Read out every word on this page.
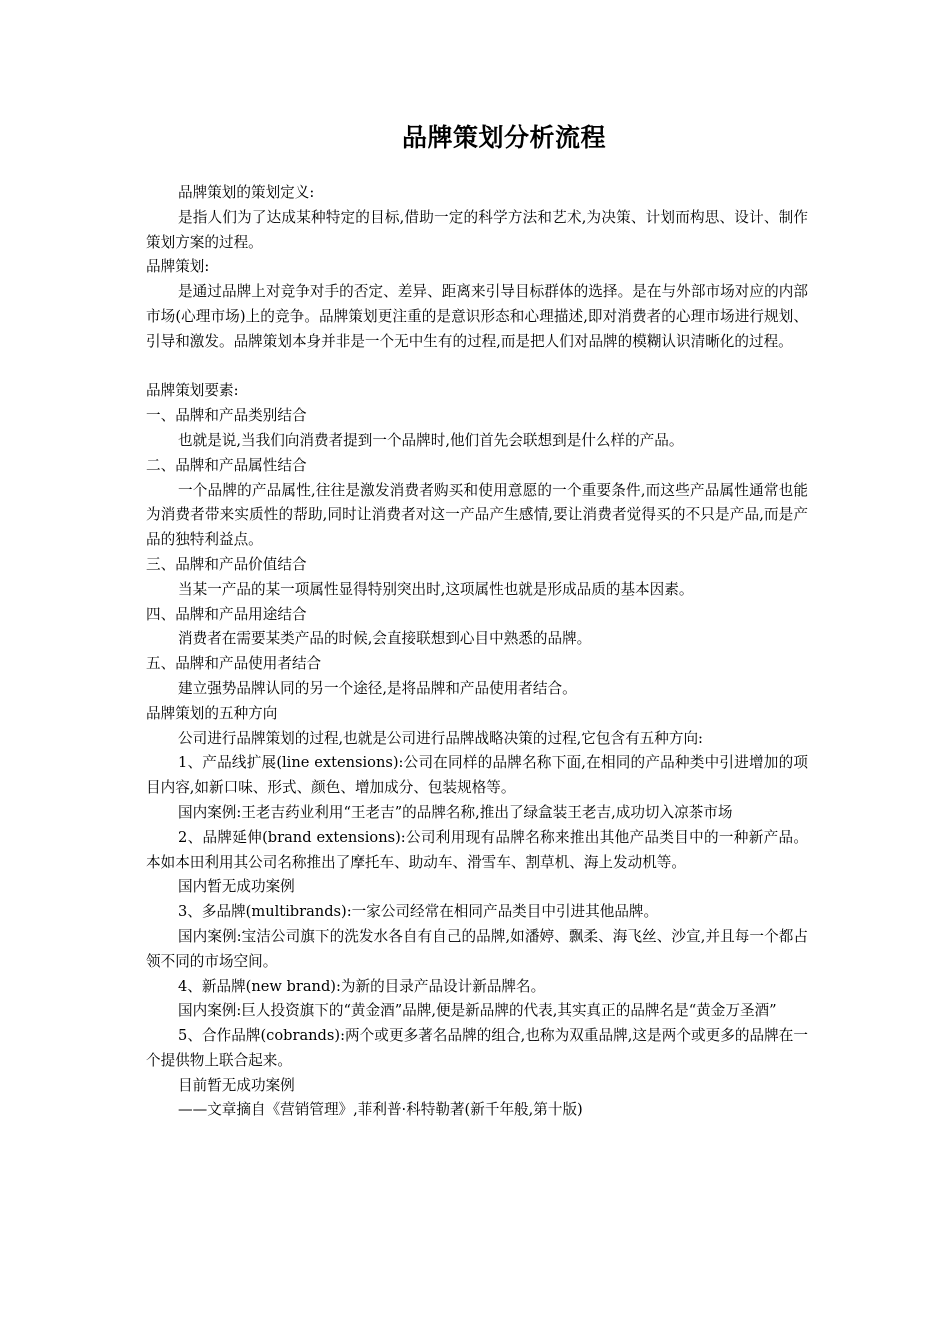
品牌策划分析流程

品牌策划的策划定义:

是指人们为了达成某种特定的目标,借助一定的科学方法和艺术,为决策、计划而构思、设计、制作策划方案的过程。

品牌策划:

是通过品牌上对竞争对手的否定、差异、距离来引导目标群体的选择。是在与外部市场对应的内部市场(心理市场)上的竞争。品牌策划更注重的是意识形态和心理描述,即对消费者的心理市场进行规划、引导和激发。品牌策划本身并非是一个无中生有的过程,而是把人们对品牌的模糊认识清晰化的过程。

品牌策划要素:

一、品牌和产品类别结合

也就是说,当我们向消费者提到一个品牌时,他们首先会联想到是什么样的产品。

二、品牌和产品属性结合

一个品牌的产品属性,往往是激发消费者购买和使用意愿的一个重要条件,而这些产品属性通常也能为消费者带来实质性的帮助,同时让消费者对这一产品产生感情,要让消费者觉得买的不只是产品,而是产品的独特利益点。

三、品牌和产品价值结合

当某一产品的某一项属性显得特别突出时,这项属性也就是形成品质的基本因素。

四、品牌和产品用途结合

消费者在需要某类产品的时候,会直接联想到心目中熟悉的品牌。

五、品牌和产品使用者结合

建立强势品牌认同的另一个途径,是将品牌和产品使用者结合。

品牌策划的五种方向

公司进行品牌策划的过程,也就是公司进行品牌战略决策的过程,它包含有五种方向:

1、产品线扩展(line extensions):公司在同样的品牌名称下面,在相同的产品种类中引进增加的项目内容,如新口味、形式、颜色、增加成分、包装规格等。

国内案例:王老吉药业利用“王老吉”的品牌名称,推出了绿盒装王老吉,成功切入凉茶市场

2、品牌延伸(brand extensions):公司利用现有品牌名称来推出其他产品类目中的一种新产品。本如本田利用其公司名称推出了摩托车、助动车、滑雪车、割草机、海上发动机等。

国内暂无成功案例

3、多品牌(multibrands):一家公司经常在相同产品类目中引进其他品牌。

国内案例:宝洁公司旗下的洗发水各自有自己的品牌,如潘婷、飘柔、海飞丝、沙宣,并且每一个都占领不同的市场空间。

4、新品牌(new brand):为新的目录产品设计新品牌名。

国内案例:巨人投资旗下的“黄金酒”品牌,便是新品牌的代表,其实真正的品牌名是“黄金万圣酒”

5、合作品牌(cobrands):两个或更多著名品牌的组合,也称为双重品牌,这是两个或更多的品牌在一个提供物上联合起来。

目前暂无成功案例

——文章摘自《营销管理》,菲利普·科特勒著(新千年般,第十版)
